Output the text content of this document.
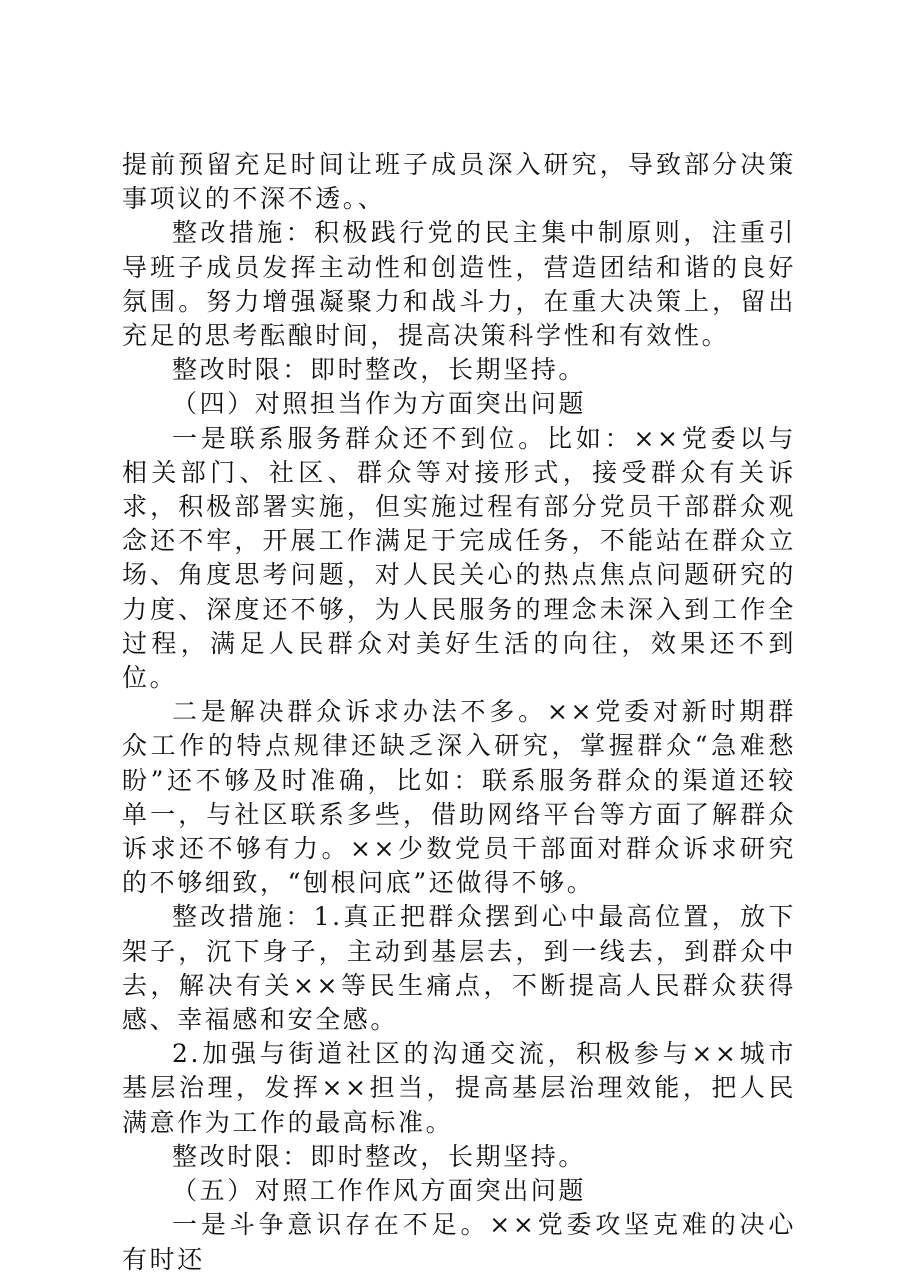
提前预留充足时间让班子成员深入研究，导致部分决策事项议的不深不透。、

整改措施：积极践行党的民主集中制原则，注重引导班子成员发挥主动性和创造性，营造团结和谐的良好氛围。努力增强凝聚力和战斗力，在重大决策上，留出充足的思考酝酿时间，提高决策科学性和有效性。

整改时限：即时整改，长期坚持。

（四）对照担当作为方面突出问题

一是联系服务群众还不到位。比如：××党委以与相关部门、社区、群众等对接形式，接受群众有关诉求，积极部署实施，但实施过程有部分党员干部群众观念还不牢，开展工作满足于完成任务，不能站在群众立场、角度思考问题，对人民关心的热点焦点问题研究的力度、深度还不够，为人民服务的理念未深入到工作全过程，满足人民群众对美好生活的向往，效果还不到位。

二是解决群众诉求办法不多。××党委对新时期群众工作的特点规律还缺乏深入研究，掌握群众“急难愁盼”还不够及时准确，比如：联系服务群众的渠道还较单一，与社区联系多些，借助网络平台等方面了解群众诉求还不够有力。××少数党员干部面对群众诉求研究的不够细致，“刨根问底”还做得不够。

整改措施：1.真正把群众摆到心中最高位置，放下架子，沉下身子，主动到基层去，到一线去，到群众中去，解决有关××等民生痛点，不断提高人民群众获得感、幸福感和安全感。

2.加强与街道社区的沟通交流，积极参与××城市基层治理，发挥××担当，提高基层治理效能，把人民满意作为工作的最高标准。

整改时限：即时整改，长期坚持。

（五）对照工作作风方面突出问题

一是斗争意识存在不足。××党委攻坚克难的决心有时还
